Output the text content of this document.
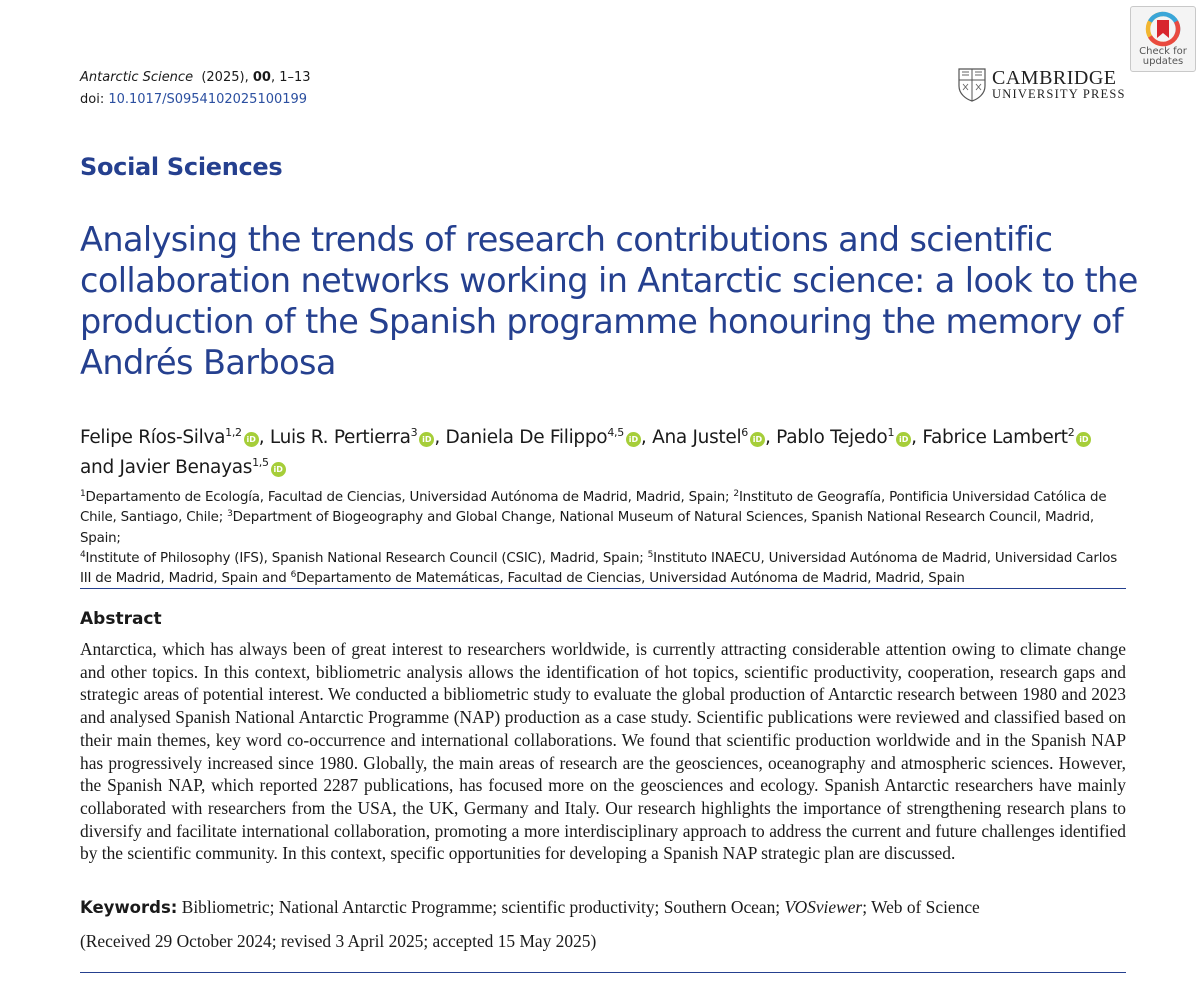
Antarctic Science (2025), 00, 1–13
doi: 10.1017/S0954102025100199
CAMBRIDGE
UNIVERSITY PRESS
Check for
updates
Social Sciences
Analysing the trends of research contributions and scientific collaboration networks working in Antarctic science: a look to the production of the Spanish programme honouring the memory of Andrés Barbosa
Felipe Ríos-Silva$^{1,2}$iD , Luis R. Pertierra$^3$iD , Daniela De Filippo$^{4,5}$iD , Ana Justel$^6$iD , Pablo Tejedo$^1$iD , Fabrice Lambert$^2$iD
and Javier Benayas$^{1,5}$iD
$^1$Departamento de Ecología, Facultad de Ciencias, Universidad Autónoma de Madrid, Madrid, Spain; $^2$Instituto de Geografía, Pontificia Universidad Católica de Chile, Santiago, Chile; $^3$Department of Biogeography and Global Change, National Museum of Natural Sciences, Spanish National Research Council, Madrid, Spain;
$^4$Institute of Philosophy (IFS), Spanish National Research Council (CSIC), Madrid, Spain; $^5$Instituto INAECU, Universidad Autónoma de Madrid, Universidad Carlos III de Madrid, Madrid, Spain and $^6$Departamento de Matemáticas, Facultad de Ciencias, Universidad Autónoma de Madrid, Madrid, Spain
Abstract

Antarctica, which has always been of great interest to researchers worldwide, is currently attracting considerable attention owing to climate change and other topics. In this context, bibliometric analysis allows the identification of hot topics, scientific productivity, cooperation, research gaps and strategic areas of potential interest. We conducted a bibliometric study to evaluate the global production of Antarctic research between 1980 and 2023 and analysed Spanish National Antarctic Programme (NAP) production as a case study. Scientific publications were reviewed and classified based on their main themes, key word co-occurrence and international collaborations. We found that scientific production worldwide and in the Spanish NAP has progressively increased since 1980. Globally, the main areas of research are the geosciences, oceanography and atmospheric sciences. However, the Spanish NAP, which reported 2287 publications, has focused more on the geosciences and ecology. Spanish Antarctic researchers have mainly collaborated with researchers from the USA, the UK, Germany and Italy. Our research highlights the importance of strengthening research plans to diversify and facilitate international collaboration, promoting a more interdisciplinary approach to address the current and future challenges identified by the scientific community. In this context, specific opportunities for developing a Spanish NAP strategic plan are discussed.

Keywords: Bibliometric; National Antarctic Programme; scientific productivity; Southern Ocean; VOSviewer; Web of Science
(Received 29 October 2024; revised 3 April 2025; accepted 15 May 2025)
